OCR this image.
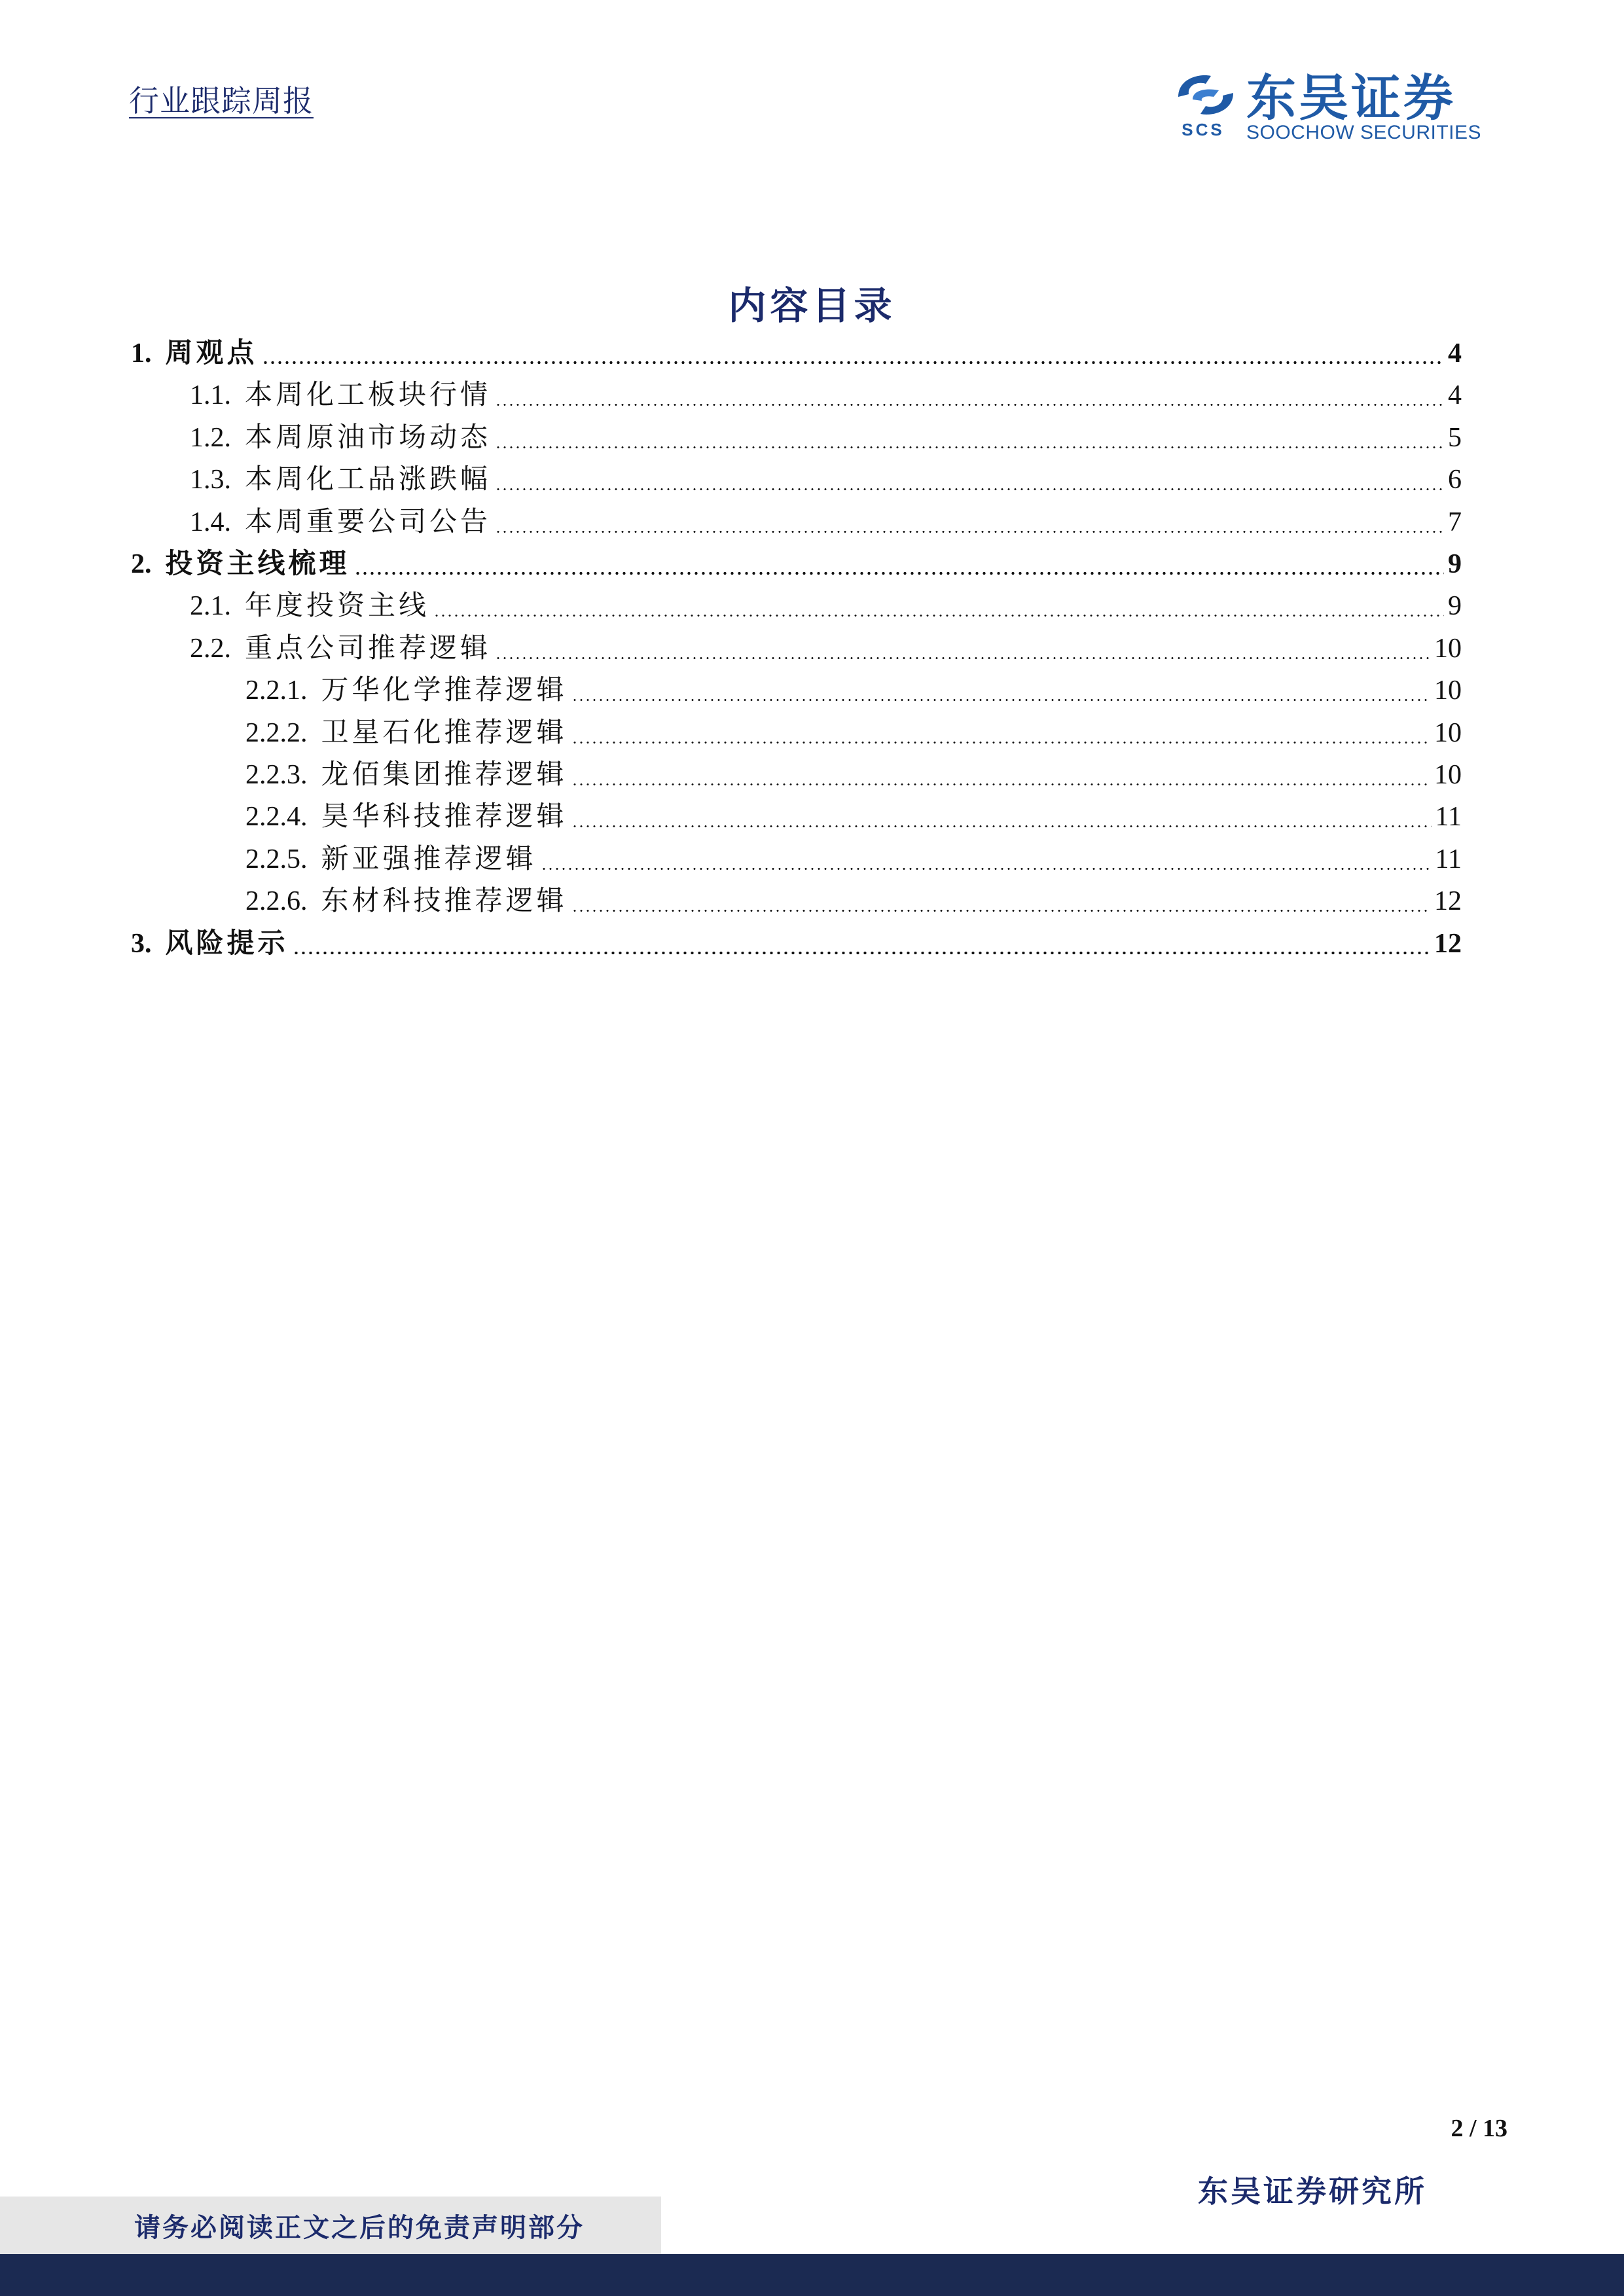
行业跟踪周报	东吴证券
SOOCHOW SECURITIES
SCS
内容目录
1. 周观点	4
1.1. 本周化工板块行情	4
1.2. 本周原油市场动态	5
1.3. 本周化工品涨跌幅	6
1.4. 本周重要公司公告	7
2. 投资主线梳理	9
2.1. 年度投资主线	9
2.2. 重点公司推荐逻辑	10
2.2.1. 万华化学推荐逻辑	10
2.2.2. 卫星石化推荐逻辑	10
2.2.3. 龙佰集团推荐逻辑	10
2.2.4. 昊华科技推荐逻辑	11
2.2.5. 新亚强推荐逻辑	11
2.2.6. 东材科技推荐逻辑	12
3. 风险提示	12
2 / 13
东吴证券研究所
请务必阅读正文之后的免责声明部分
